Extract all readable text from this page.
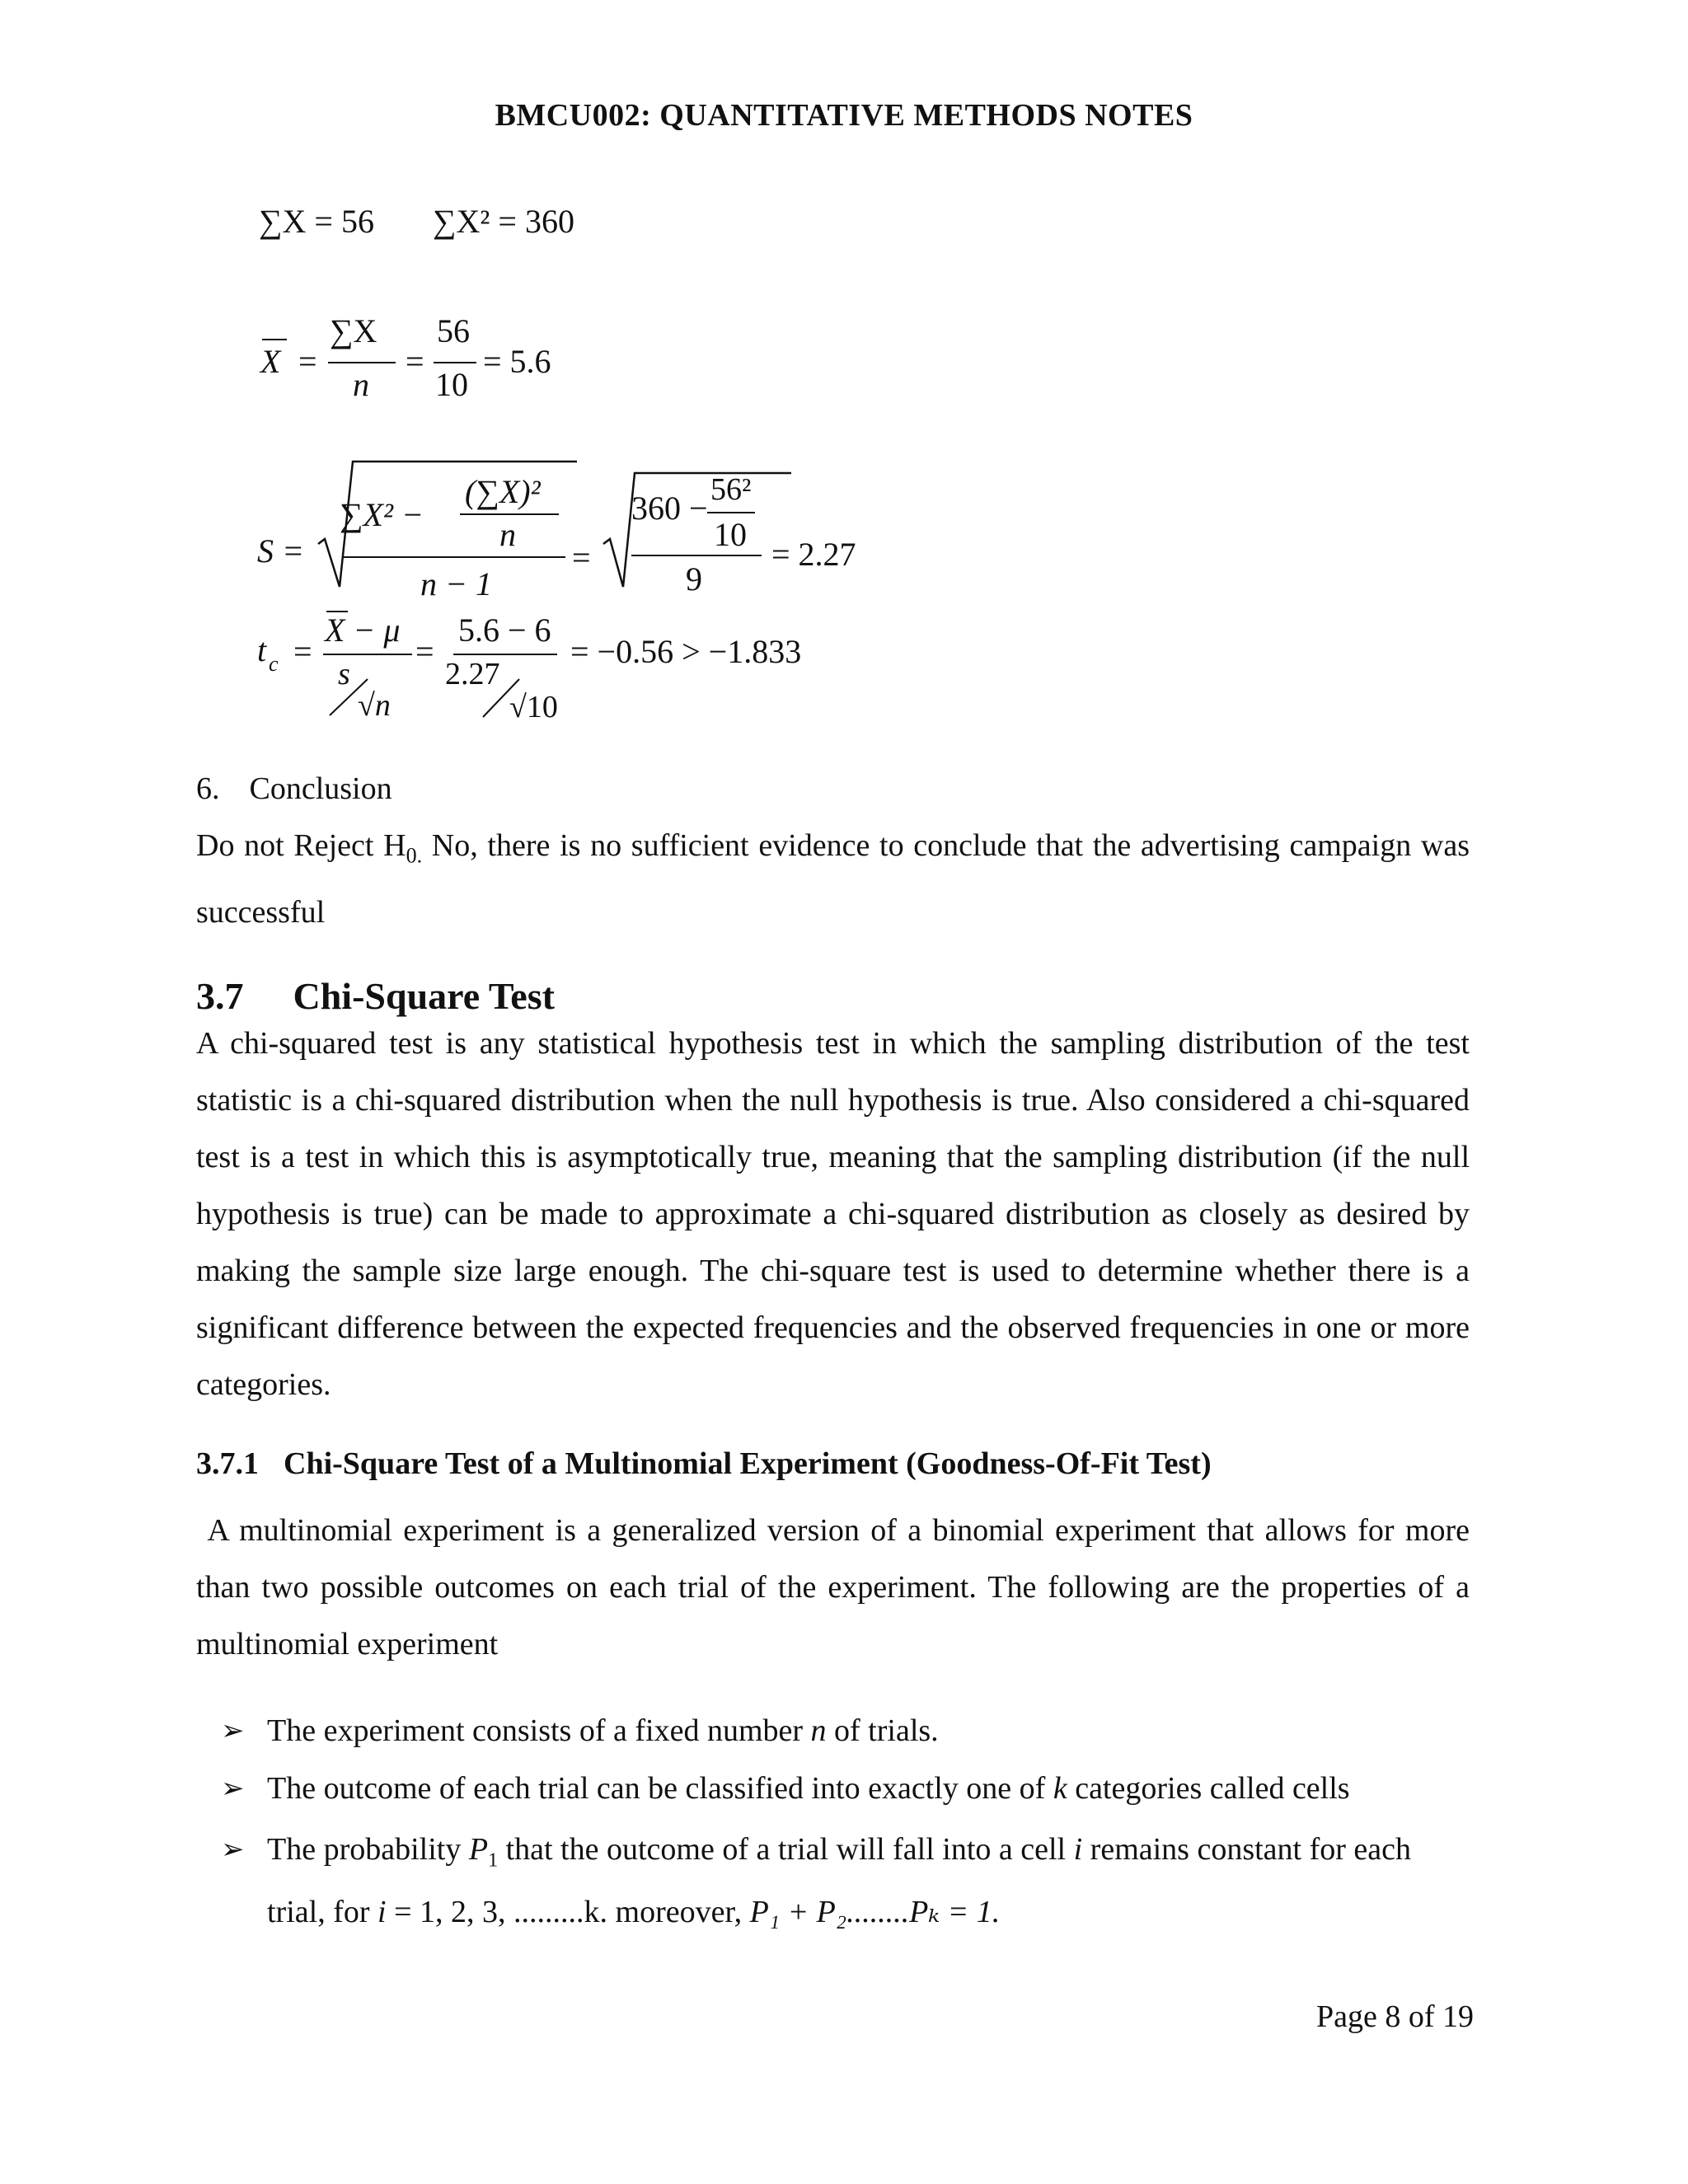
BMCU002: QUANTITATIVE METHODS NOTES
∑X = 56 ∑X² = 360
X =
∑X
n
=
56
10
= 5.6
S =
∑X² −
(∑X)²
n
n − 1
=
360 − 56²
10
9
= 2.27
t c =
X − μ
s
√n
=
5.6 − 6
2.27
√10
= −0.56 > −1.833
6. Conclusion
Do not Reject $H_{0.}$ No, there is no sufficient evidence to conclude that the advertising campaign was successful
3.7 Chi-Square Test
A chi-squared test is any statistical hypothesis test in which the sampling distribution of the test statistic is a chi-squared distribution when the null hypothesis is true. Also considered a chi-squared test is a test in which this is asymptotically true, meaning that the sampling distribution (if the null hypothesis is true) can be made to approximate a chi-squared distribution as closely as desired by making the sample size large enough. The chi-square test is used to determine whether there is a significant difference between the expected frequencies and the observed frequencies in one or more categories.
3.7.1 Chi-Square Test of a Multinomial Experiment (Goodness-Of-Fit Test)
A multinomial experiment is a generalized version of a binomial experiment that allows for more than two possible outcomes on each trial of the experiment. The following are the properties of a multinomial experiment
➢ The experiment consists of a fixed number n of trials.
➢ The outcome of each trial can be classified into exactly one of k categories called cells
➢ The probability $P_1$ that the outcome of a trial will fall into a cell i remains constant for each
trial, for i = 1, 2, 3, .........k. moreover, P₁ + P₂........Pₖ = 1.
Page 8 of 19
